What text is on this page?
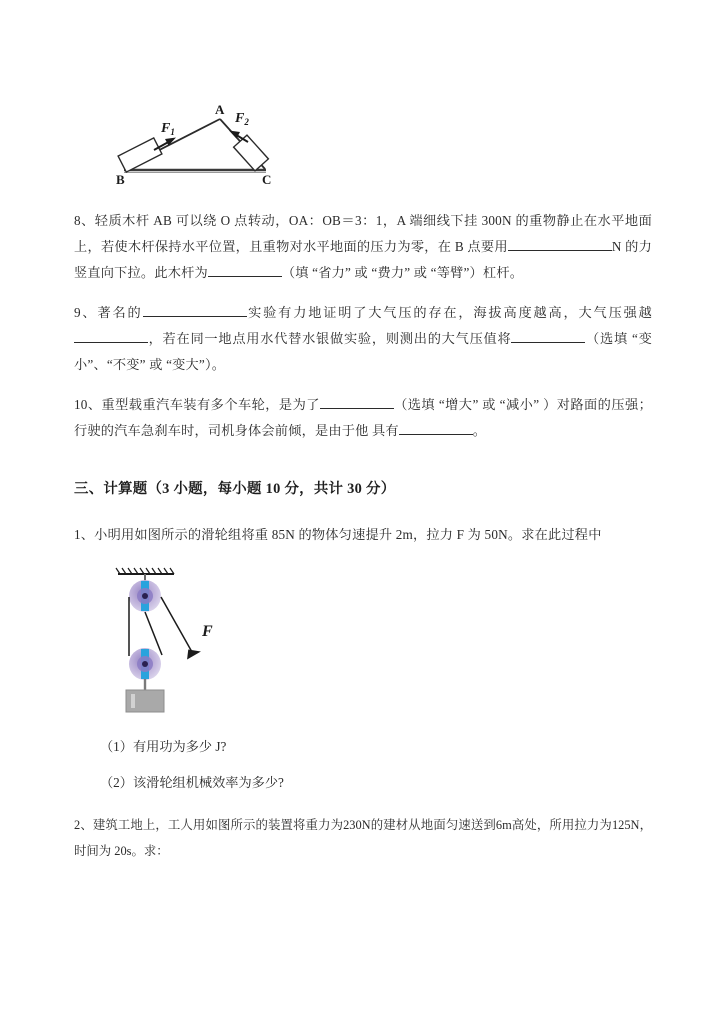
A
B	C
$F_1$
$F_2$
8、轻质木杆 AB 可以绕 O 点转动，OA：OB＝3：1，A 端细线下挂 300N 的重物静止在水平地面上，若使木杆保持水平位置，且重物对水平地面的压力为零，在 B 点要用	N 的力竖直向下拉。此木杆为	（填 “省力” 或 “费力” 或 “等臂”）杠杆。
9、著名的	实验有力地证明了大气压的存在，海拔高度越高，大气压强越，若在同一地点用水代替水银做实验，则测出的大气压值将	（选填 “变小”、“不变” 或 “变大”）。
10、重型载重汽车装有多个车轮，是为了	（选填 “增大” 或 “减小” ）对路面的压强；行驶的汽车急刹车时，司机身体会前倾，是由于他 具有	。
三、计算题（3 小题，每小题 10 分，共计 30 分）
1、小明用如图所示的滑轮组将重 85N 的物体匀速提升 2m，拉力 F 为 50N。求在此过程中
F
（1）有用功为多少 J?
（2）该滑轮组机械效率为多少?
2、建筑工地上，工人用如图所示的装置将重力为230N的建材从地面匀速送到6m高处，所用拉力为125N，时间为 20s。求：
